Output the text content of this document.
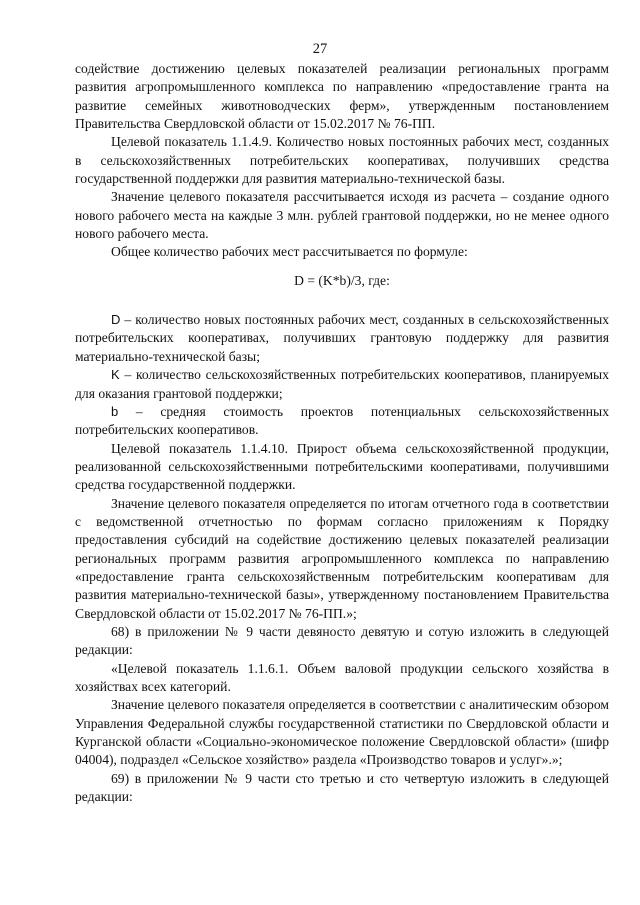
27

содействие достижению целевых показателей реализации региональных программ развития агропромышленного комплекса по направлению «предоставление гранта на развитие семейных животноводческих ферм», утвержденным постановлением Правительства Свердловской области от 15.02.2017 № 76-ПП.

Целевой показатель 1.1.4.9. Количество новых постоянных рабочих мест, созданных в сельскохозяйственных потребительских кооперативах, получивших средства государственной поддержки для развития материально-технической базы.

Значение целевого показателя рассчитывается исходя из расчета – создание одного нового рабочего места на каждые 3 млн. рублей грантовой поддержки, но не менее одного нового рабочего места.

Общее количество рабочих мест рассчитывается по формуле:

D = (K*b)/3, где:

D – количество новых постоянных рабочих мест, созданных в сельскохозяйственных потребительских кооперативах, получивших грантовую поддержку для развития материально-технической базы;

K – количество сельскохозяйственных потребительских кооперативов, планируемых для оказания грантовой поддержки;

b – средняя стоимость проектов потенциальных сельскохозяйственных потребительских кооперативов.

Целевой показатель 1.1.4.10. Прирост объема сельскохозяйственной продукции, реализованной сельскохозяйственными потребительскими кооперативами, получившими средства государственной поддержки.

Значение целевого показателя определяется по итогам отчетного года в соответствии с ведомственной отчетностью по формам согласно приложениям к Порядку предоставления субсидий на содействие достижению целевых показателей реализации региональных программ развития агропромышленного комплекса по направлению «предоставление гранта сельскохозяйственным потребительским кооперативам для развития материально-технической базы», утвержденному постановлением Правительства Свердловской области от 15.02.2017 № 76-ПП.»;

68) в приложении № 9 части девяносто девятую и сотую изложить в следующей редакции:

«Целевой показатель 1.1.6.1. Объем валовой продукции сельского хозяйства в хозяйствах всех категорий.

Значение целевого показателя определяется в соответствии с аналитическим обзором Управления Федеральной службы государственной статистики по Свердловской области и Курганской области «Социально-экономическое положение Свердловской области» (шифр 04004), подраздел «Сельское хозяйство» раздела «Производство товаров и услуг».»;

69) в приложении № 9 части сто третью и сто четвертую изложить в следующей редакции:
